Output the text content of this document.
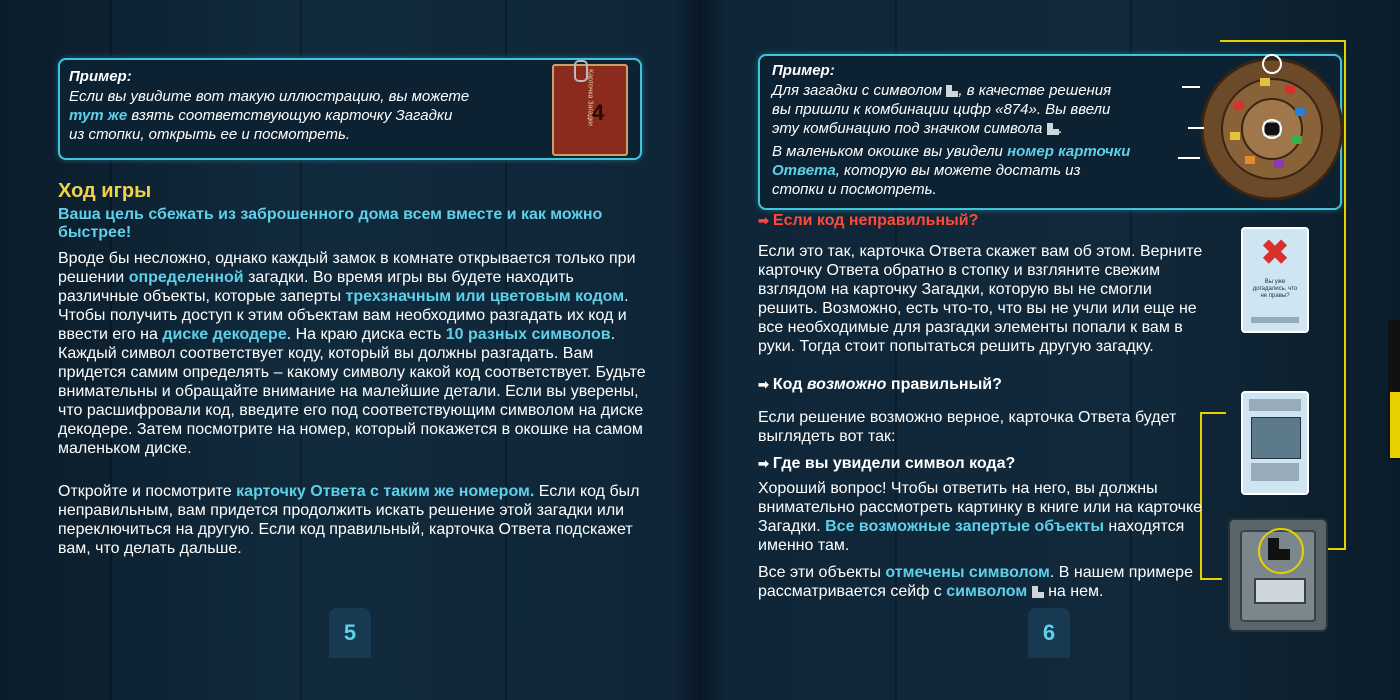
Пример:
Если вы увидите вот такую иллюстрацию, вы можете
тут же взять соответствующую карточку Загадки
из стопки, открыть ее и посмотреть.
Карточка Загадки
4
Ход игры
Ваша цель сбежать из заброшенного дома всем вместе и как можно быстрее!

Вроде бы несложно, однако каждый замок в комнате открывается только при решении определенной загадки. Во время игры вы будете находить различные объекты, которые заперты трехзначным или цветовым кодом. Чтобы получить доступ к этим объектам вам необходимо разгадать их код и ввести его на диске декодере. На краю диска есть 10 разных символов. Каждый символ соответствует коду, который вы должны разгадать. Вам придется самим определять – какому символу какой код соответствует. Будьте внимательны и обращайте внимание на малейшие детали. Если вы уверены, что расшифровали код, введите его под соответствующим символом на диске декодере. Затем посмотрите на номер, который покажется в окошке на самом маленьком диске.

Откройте и посмотрите карточку Ответа с таким же номером. Если код был неправильным, вам придется продолжить искать решение этой загадки или переключиться на другую. Если код правильный, карточка Ответа подскажет вам, что делать дальше.

5
Пример:
Для загадки с символом
, в качестве решения
вы пришли к комбинации цифр «874». Вы ввели
эту комбинацию под значком символа
.
В маленьком окошке вы увидели номер карточки
Ответа, которую вы можете достать из
стопки и посмотреть.
➡ Если код неправильный?

Если это так, карточка Ответа скажет вам об этом. Верните карточку Ответа обратно в стопку и взгляните свежим взглядом на карточку Загадки, которую вы не смогли решить. Возможно, есть что-то, что вы не учли или еще не все необходимые для разгадки элементы попали к вам в руки. Тогда стоит попытаться решить другую загадку.

➡ Код возможно правильный?

Если решение возможно верное, карточка Ответа будет выглядеть вот так:

➡ Где вы увидели символ кода?

Хороший вопрос! Чтобы ответить на него, вы должны внимательно рассмотреть картинку в книге или на карточке Загадки. Все возможные запертые объекты находятся именно там.

Все эти объекты отмечены символом. В нашем примере рассматривается сейф с символом
на нем.

✖
Вы уже догадались, что не правы?
6
